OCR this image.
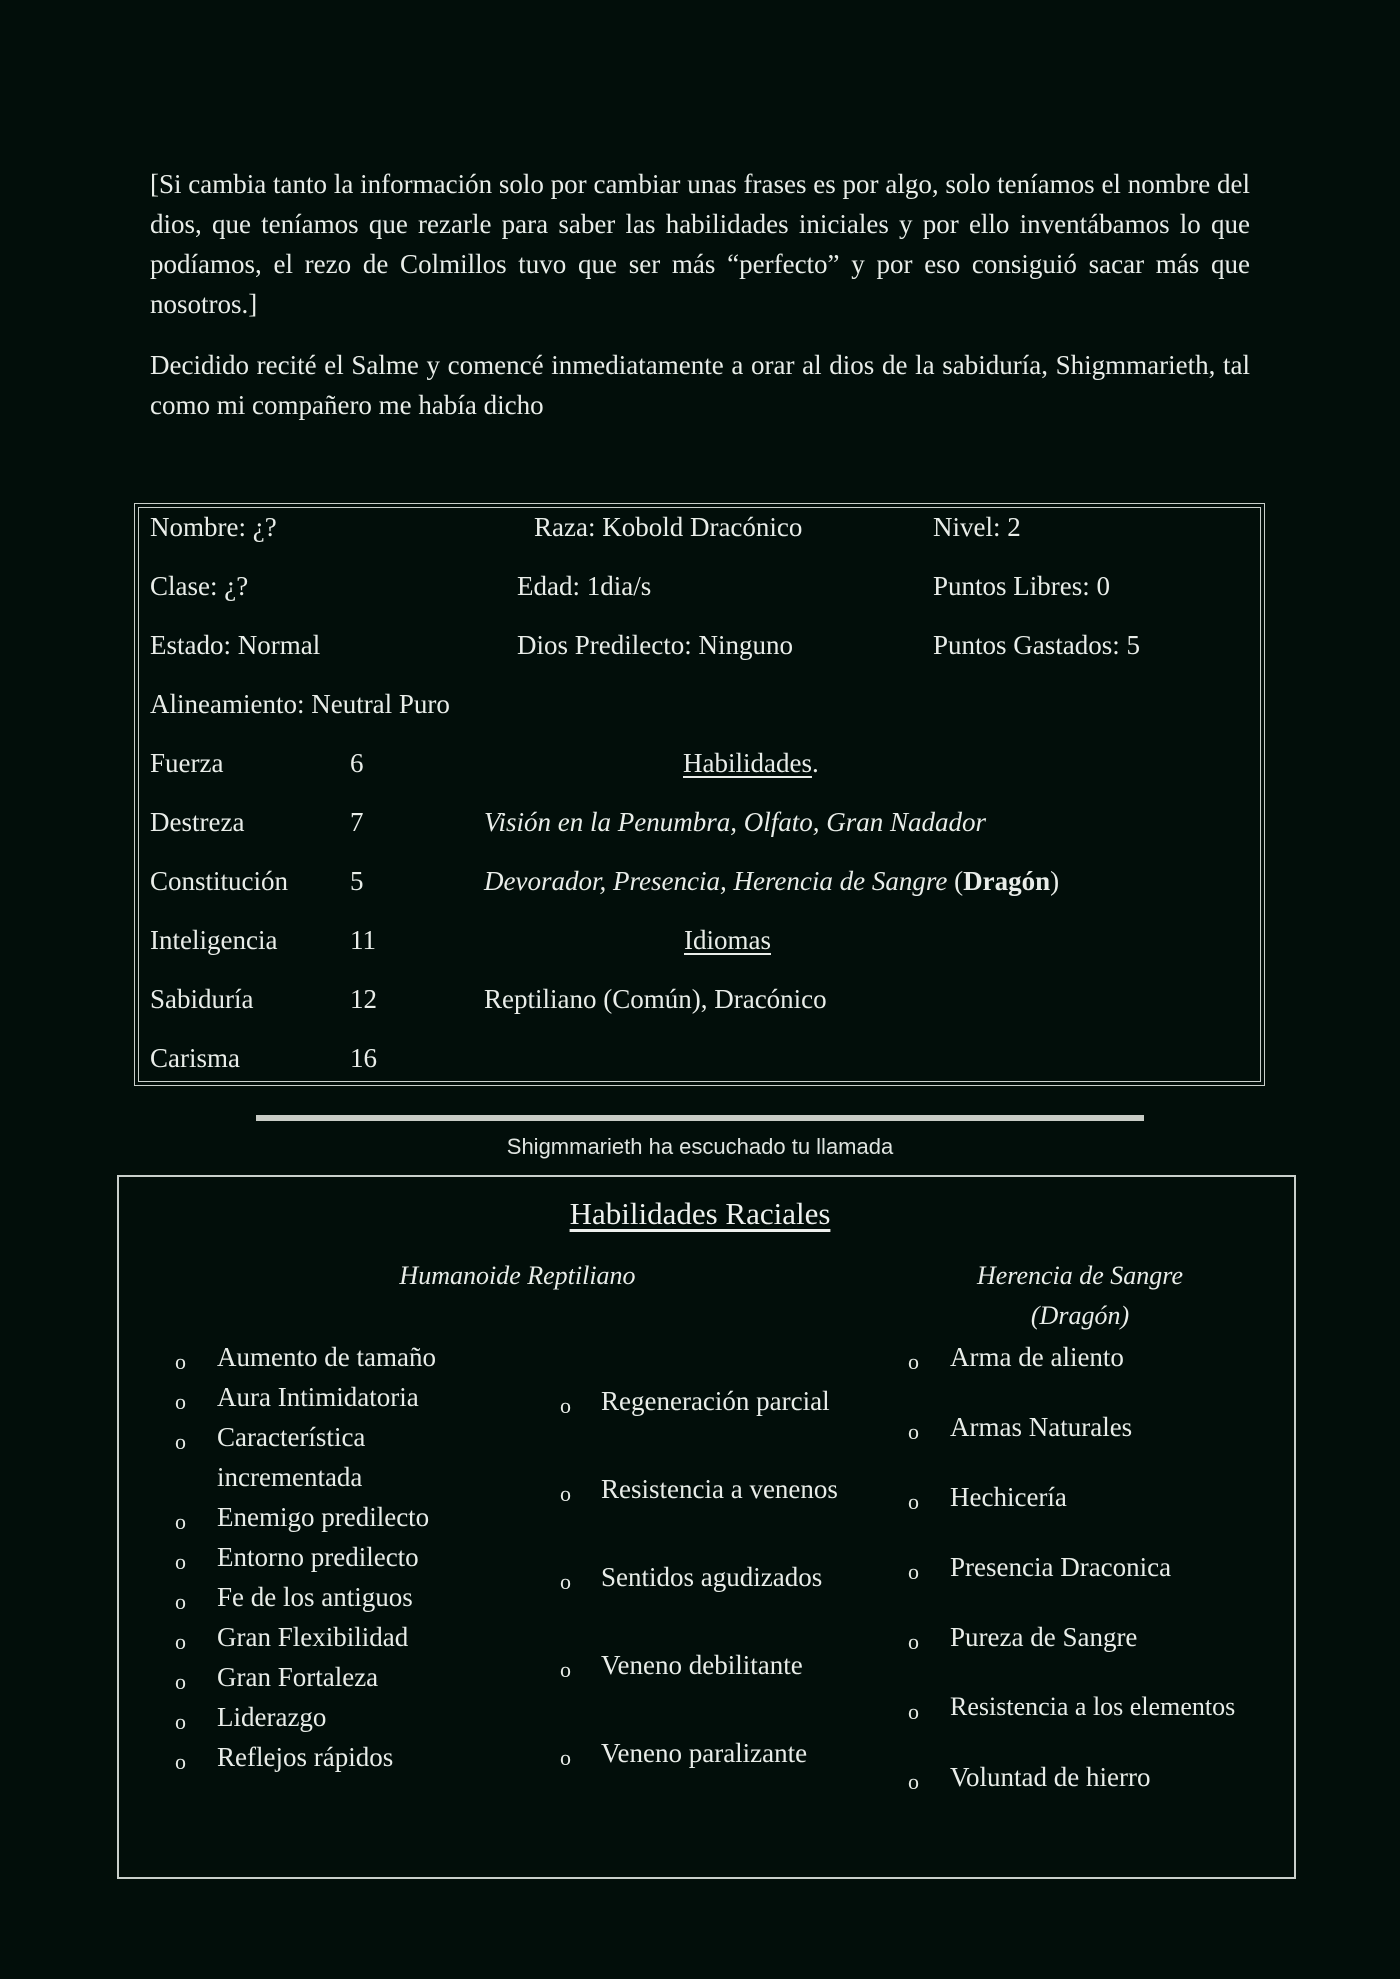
[Si cambia tanto la información solo por cambiar unas frases es por algo, solo teníamos el nombre del dios, que teníamos que rezarle para saber las habilidades iniciales y por ello inventábamos lo que podíamos, el rezo de Colmillos tuvo que ser más “perfecto” y por eso consiguió sacar más que nosotros.]

Decidido recité el Salme y comencé inmediatamente a orar al dios de la sabiduría, Shigmmarieth, tal como mi compañero me había dicho

Nombre: ¿?	Raza: Kobold Dracónico	Nivel: 2
Clase: ¿?	Edad: 1dia/s	Puntos Libres: 0
Estado: Normal	Dios Predilecto: Ninguno	Puntos Gastados: 5
Alineamiento: Neutral Puro
Fuerza	6
Destreza	7
Constitución 5
Inteligencia	11
Sabiduría	12
Carisma	16
Habilidades.
Visión en la Penumbra, Olfato, Gran Nadador
Devorador, Presencia, Herencia de Sangre (Dragón)
Idiomas
Reptiliano (Común), Dracónico
Shigmmarieth ha escuchado tu llamada
Habilidades Raciales
Humanoide Reptiliano	Herencia de Sangre
(Dragón)
o Aumento de tamaño
o Aura Intimidatoria
o Característica
incrementada
o Enemigo predilecto
o Entorno predilecto
o Fe de los antiguos
o Gran Flexibilidad
o Gran Fortaleza
o Liderazgo
o Reflejos rápidos
o Regeneración parcial
o Resistencia a venenos
o Sentidos agudizados
o Veneno debilitante
o Veneno paralizante
o Arma de aliento
o Armas Naturales
o Hechicería
o Presencia Draconica
o Pureza de Sangre
o Resistencia a los elementos
o Voluntad de hierro
